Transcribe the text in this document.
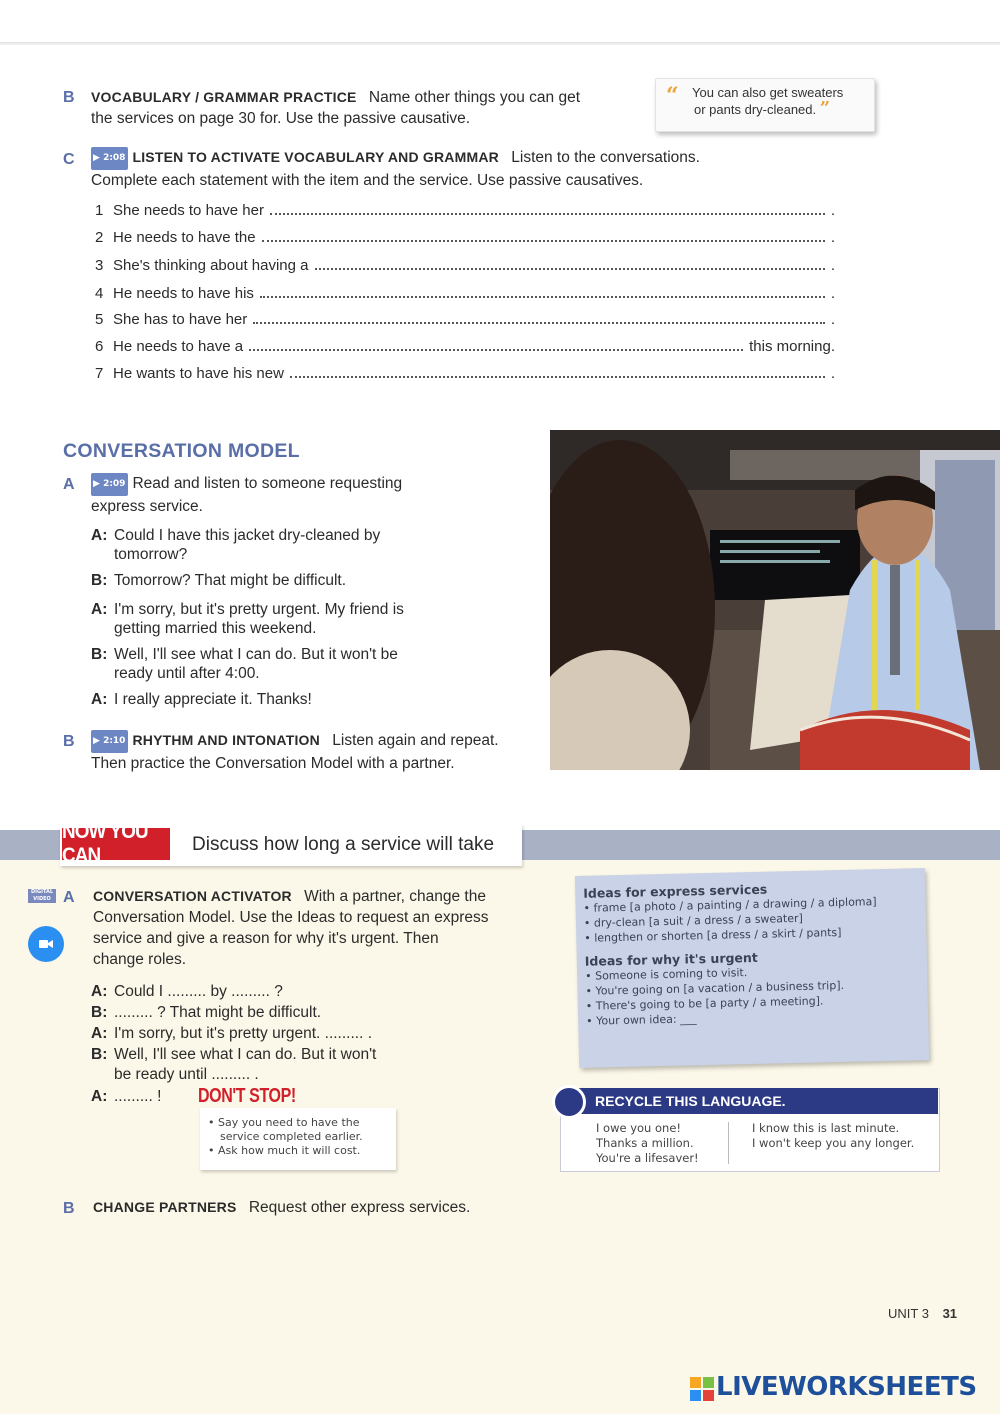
B VOCABULARY / GRAMMAR PRACTICE Name other things you can get
the services on page 30 for. Use the passive causative.
“ You can also get sweaters
or pants dry-cleaned. ”
C ▶ 2:08 LISTEN TO ACTIVATE VOCABULARY AND GRAMMAR Listen to the conversations.
Complete each statement with the item and the service. Use passive causatives.
1 She needs to have her	.
2 He needs to have the	.
3 She's thinking about having a	.
4 He needs to have his	.
5 She has to have her	.
6 He needs to have a	this morning.
7 He wants to have his new	.
CONVERSATION MODEL
A ▶ 2:09 Read and listen to someone requesting
express service.
A: Could I have this jacket dry-cleaned by
tomorrow?
B: Tomorrow? That might be difficult.
A: I'm sorry, but it's pretty urgent. My friend is
getting married this weekend.
B: Well, I'll see what I can do. But it won't be
ready until after 4:00.
A: I really appreciate it. Thanks!
B ▶ 2:10 RHYTHM AND INTONATION Listen again and repeat.
Then practice the Conversation Model with a partner.
NOW YOU CAN	Discuss how long a service will take
DIGITAL VIDEO A CONVERSATION ACTIVATOR With a partner, change the
Conversation Model. Use the Ideas to request an express
service and give a reason for why it's urgent. Then
change roles.
A: Could I ......... by ......... ?
B: ......... ? That might be difficult.
A: I'm sorry, but it's pretty urgent. ......... .
B: Well, I'll see what I can do. But it won't
be ready until ......... .
A: ......... !	DON'T STOP!
• Say you need to have the
service completed earlier.
• Ask how much it will cost.
Ideas for express services
• frame [a photo / a painting / a drawing / a diploma]
• dry-clean [a suit / a dress / a sweater]
• lengthen or shorten [a dress / a skirt / pants]
Ideas for why it's urgent
• Someone is coming to visit.
• You're going on [a vacation / a business trip].
• There's going to be [a party / a meeting].
• Your own idea: ___
RECYCLE THIS LANGUAGE.
I owe you one!
Thanks a million.
You're a lifesaver!
I know this is last minute.
I won't keep you any longer.
B CHANGE PARTNERS Request other express services.
UNIT 3 31
LIVEWORKSHEETS
